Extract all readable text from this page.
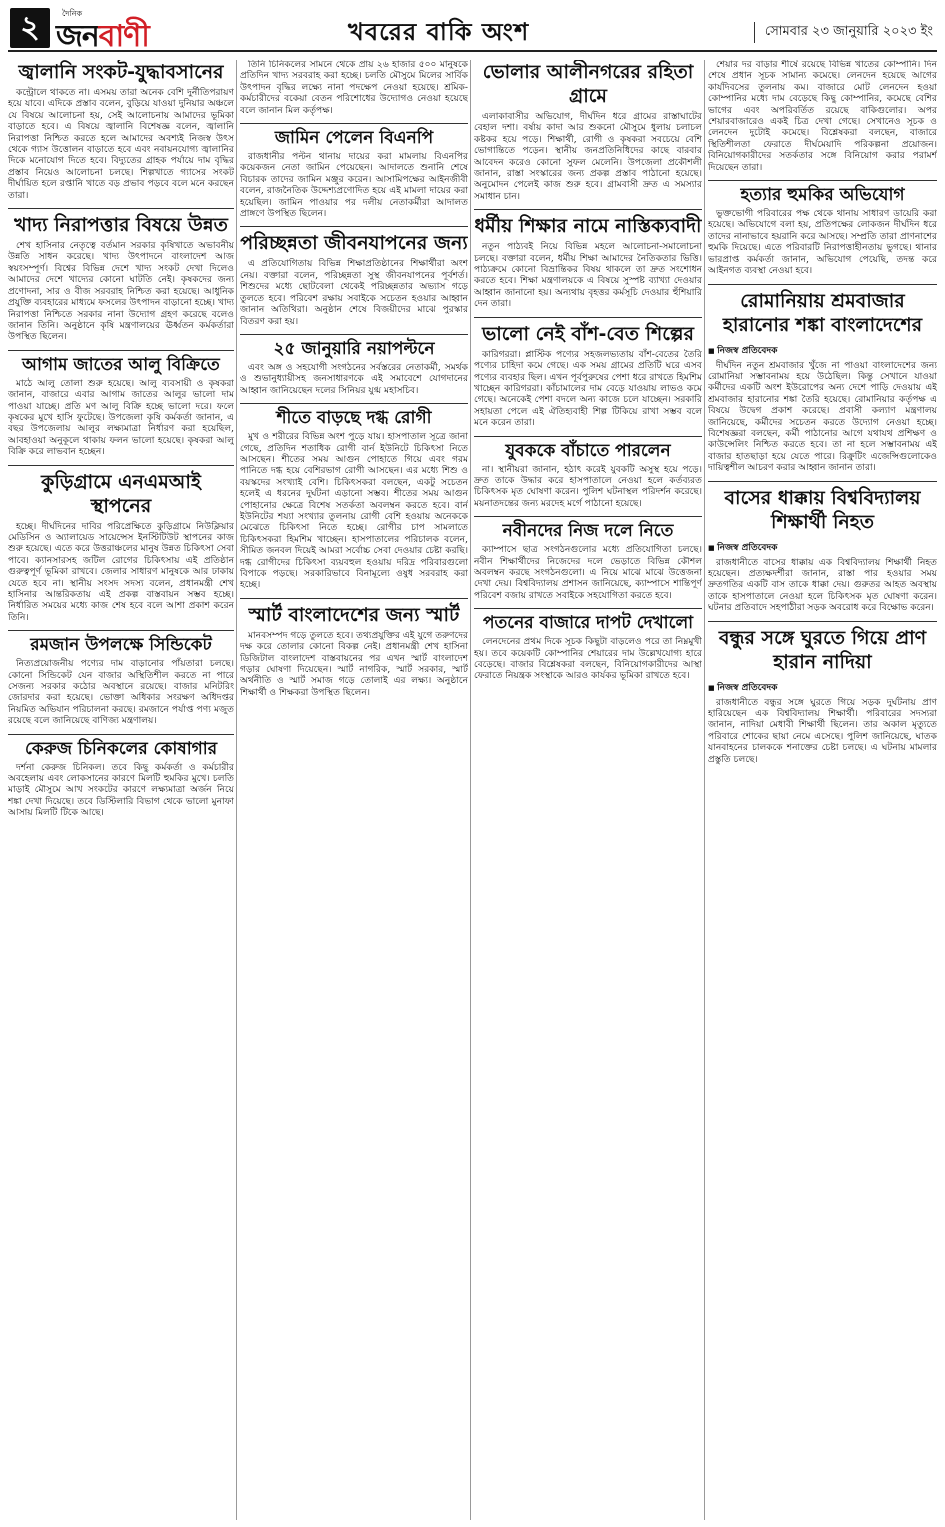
২	দৈনিক
জনবাণী	খবরের বাকি অংশ	সোমবার ২৩ জানুয়ারি ২০২৩ ইং
জ্বালানি সংকট-যুদ্ধাবসানের

কন্ট্রোলে থাকতে না। এসময় তারা অনেক বেশি দুর্নীতিপরায়ণ হয়ে যাবে। এদিকে প্রস্তাব বলেন, বুড়িয়ে যাওয়া দুনিয়ার অঞ্চলে যে বিষয়ে আলোচনা হয়, সেই আলোচনায় আমাদের ভূমিকা বাড়াতে হবে। এ বিষয়ে জ্বালানি বিশেষজ্ঞ বলেন, জ্বালানি নিরাপত্তা নিশ্চিত করতে হলে আমাদের অবশ্যই নিজস্ব উৎস থেকে গ্যাস উত্তোলন বাড়াতে হবে এবং নবায়নযোগ্য জ্বালানির দিকে মনোযোগ দিতে হবে। বিদ্যুতের গ্রাহক পর্যায়ে দাম বৃদ্ধির প্রস্তাব নিয়েও আলোচনা চলছে। শিল্পখাতে গ্যাসের সংকট দীর্ঘায়িত হলে রপ্তানি খাতে বড় প্রভাব পড়বে বলে মনে করছেন তারা।

খাদ্য নিরাপত্তার বিষয়ে উন্নত

শেখ হাসিনার নেতৃত্বে বর্তমান সরকার কৃষিখাতে অভাবনীয় উন্নতি সাধন করেছে। খাদ্য উৎপাদনে বাংলাদেশ আজ স্বয়ংসম্পূর্ণ। বিশ্বের বিভিন্ন দেশে খাদ্য সংকট দেখা দিলেও আমাদের দেশে খাদ্যের কোনো ঘাটতি নেই। কৃষকদের জন্য প্রণোদনা, সার ও বীজ সরবরাহ নিশ্চিত করা হয়েছে। আধুনিক প্রযুক্তি ব্যবহারের মাধ্যমে ফসলের উৎপাদন বাড়ানো হচ্ছে। খাদ্য নিরাপত্তা নিশ্চিতে সরকার নানা উদ্যোগ গ্রহণ করেছে বলেও জানান তিনি। অনুষ্ঠানে কৃষি মন্ত্রণালয়ের ঊর্ধ্বতন কর্মকর্তারা উপস্থিত ছিলেন।

আগাম জাতের আলু বিক্রিতে

মাঠে আলু তোলা শুরু হয়েছে। আলু ব্যবসায়ী ও কৃষকরা জানান, বাজারে এবার আগাম জাতের আলুর ভালো দাম পাওয়া যাচ্ছে। প্রতি মণ আলু বিক্রি হচ্ছে ভালো দরে। ফলে কৃষকের মুখে হাসি ফুটেছে। উপজেলা কৃষি কর্মকর্তা জানান, এ বছর উপজেলায় আলুর লক্ষ্যমাত্রা নির্ধারণ করা হয়েছিল, আবহাওয়া অনুকূলে থাকায় ফলন ভালো হয়েছে। কৃষকরা আলু বিক্রি করে লাভবান হচ্ছেন।

কুড়িগ্রামে এনএমআই স্থাপনের

হচ্ছে। দীর্ঘদিনের দাবির পরিপ্রেক্ষিতে কুড়িগ্রামে নিউক্লিয়ার মেডিসিন ও অ্যালায়েড সায়েন্সেস ইনস্টিটিউট স্থাপনের কাজ শুরু হয়েছে। এতে করে উত্তরাঞ্চলের মানুষ উন্নত চিকিৎসা সেবা পাবে। ক্যানসারসহ জটিল রোগের চিকিৎসায় এই প্রতিষ্ঠান গুরুত্বপূর্ণ ভূমিকা রাখবে। জেলার সাধারণ মানুষকে আর ঢাকায় যেতে হবে না। স্থানীয় সংসদ সদস্য বলেন, প্রধানমন্ত্রী শেখ হাসিনার আন্তরিকতায় এই প্রকল্প বাস্তবায়ন সম্ভব হচ্ছে। নির্ধারিত সময়ের মধ্যে কাজ শেষ হবে বলে আশা প্রকাশ করেন তিনি।

রমজান উপলক্ষে সিন্ডিকেট

নিত্যপ্রয়োজনীয় পণ্যের দাম বাড়ানোর পাঁয়তারা চলছে। কোনো সিন্ডিকেট যেন বাজার অস্থিতিশীল করতে না পারে সেজন্য সরকার কঠোর অবস্থানে রয়েছে। বাজার মনিটরিং জোরদার করা হয়েছে। ভোক্তা অধিকার সংরক্ষণ অধিদপ্তর নিয়মিত অভিযান পরিচালনা করছে। রমজানে পর্যাপ্ত পণ্য মজুত রয়েছে বলে জানিয়েছে বাণিজ্য মন্ত্রণালয়।

কেরুজ চিনিকলের কোষাগার

দর্শনা কেরুজ চিনিকল। তবে কিছু কর্মকর্তা ও কর্মচারীর অবহেলায় এবং লোকসানের কারণে মিলটি হুমকির মুখে। চলতি মাড়াই মৌসুমে আখ সংকটের কারণে লক্ষ্যমাত্রা অর্জন নিয়ে শঙ্কা দেখা দিয়েছে। তবে ডিস্টিলারি বিভাগ থেকে ভালো মুনাফা আসায় মিলটি টিকে আছে।

তিনি চিনিকলের সামনে থেকে প্রায় ২৬ হাজার ৫০০ মানুষকে প্রতিদিন খাদ্য সরবরাহ করা হচ্ছে। চলতি মৌসুমে মিলের সার্বিক উৎপাদন বৃদ্ধির লক্ষ্যে নানা পদক্ষেপ নেওয়া হয়েছে। শ্রমিক-কর্মচারীদের বকেয়া বেতন পরিশোধের উদ্যোগও নেওয়া হয়েছে বলে জানান মিল কর্তৃপক্ষ।

জামিন পেলেন বিএনপি

রাজধানীর পল্টন থানায় দায়ের করা মামলায় বিএনপির কয়েকজন নেতা জামিন পেয়েছেন। আদালতে শুনানি শেষে বিচারক তাদের জামিন মঞ্জুর করেন। আসামিপক্ষের আইনজীবী বলেন, রাজনৈতিক উদ্দেশ্যপ্রণোদিত হয়ে এই মামলা দায়ের করা হয়েছিল। জামিন পাওয়ার পর দলীয় নেতাকর্মীরা আদালত প্রাঙ্গণে উপস্থিত ছিলেন।

পরিচ্ছন্নতা জীবনযাপনের জন্য

এ প্রতিযোগিতায় বিভিন্ন শিক্ষাপ্রতিষ্ঠানের শিক্ষার্থীরা অংশ নেয়। বক্তারা বলেন, পরিচ্ছন্নতা সুস্থ জীবনযাপনের পূর্বশর্ত। শিশুদের মধ্যে ছোটবেলা থেকেই পরিচ্ছন্নতার অভ্যাস গড়ে তুলতে হবে। পরিবেশ রক্ষায় সবাইকে সচেতন হওয়ার আহ্বান জানান অতিথিরা। অনুষ্ঠান শেষে বিজয়ীদের মাঝে পুরস্কার বিতরণ করা হয়।

২৫ জানুয়ারি নয়াপল্টনে

এবং অঙ্গ ও সহযোগী সংগঠনের সর্বস্তরের নেতাকর্মী, সমর্থক ও শুভানুধ্যায়ীসহ জনসাধারণকে এই সমাবেশে যোগদানের আহ্বান জানিয়েছেন দলের সিনিয়র যুগ্ম মহাসচিব।

শীতে বাড়ছে দগ্ধ রোগী

মুখ ও শরীরের বিভিন্ন অংশ পুড়ে যায়। হাসপাতাল সূত্রে জানা গেছে, প্রতিদিন শতাধিক রোগী বার্ন ইউনিটে চিকিৎসা নিতে আসছেন। শীতের সময় আগুন পোহাতে গিয়ে এবং গরম পানিতে দগ্ধ হয়ে বেশিরভাগ রোগী আসছেন। এর মধ্যে শিশু ও বয়স্কদের সংখ্যাই বেশি। চিকিৎসকরা বলছেন, একটু সচেতন হলেই এ ধরনের দুর্ঘটনা এড়ানো সম্ভব। শীতের সময় আগুন পোহানোর ক্ষেত্রে বিশেষ সতর্কতা অবলম্বন করতে হবে। বার্ন ইউনিটের শয্যা সংখ্যার তুলনায় রোগী বেশি হওয়ায় অনেককে মেঝেতে চিকিৎসা নিতে হচ্ছে। রোগীর চাপ সামলাতে চিকিৎসকরা হিমশিম খাচ্ছেন। হাসপাতালের পরিচালক বলেন, সীমিত জনবল দিয়েই আমরা সর্বোচ্চ সেবা দেওয়ার চেষ্টা করছি। দগ্ধ রোগীদের চিকিৎসা ব্যয়বহুল হওয়ায় দরিদ্র পরিবারগুলো বিপাকে পড়ছে। সরকারিভাবে বিনামূল্যে ওষুধ সরবরাহ করা হচ্ছে।

স্মার্ট বাংলাদেশের জন্য স্মার্ট

মানবসম্পদ গড়ে তুলতে হবে। তথ্যপ্রযুক্তির এই যুগে তরুণদের দক্ষ করে তোলার কোনো বিকল্প নেই। প্রধানমন্ত্রী শেখ হাসিনা ডিজিটাল বাংলাদেশ বাস্তবায়নের পর এখন স্মার্ট বাংলাদেশ গড়ার ঘোষণা দিয়েছেন। স্মার্ট নাগরিক, স্মার্ট সরকার, স্মার্ট অর্থনীতি ও স্মার্ট সমাজ গড়ে তোলাই এর লক্ষ্য। অনুষ্ঠানে শিক্ষার্থী ও শিক্ষকরা উপস্থিত ছিলেন।

ভোলার আলীনগরের রহিতা গ্রামে

এলাকাবাসীর অভিযোগ, দীর্ঘদিন ধরে গ্রামের রাস্তাঘাটের বেহাল দশা। বর্ষায় কাদা আর শুকনো মৌসুমে ধুলায় চলাচল কষ্টকর হয়ে পড়ে। শিক্ষার্থী, রোগী ও কৃষকরা সবচেয়ে বেশি ভোগান্তিতে পড়েন। স্থানীয় জনপ্রতিনিধিদের কাছে বারবার আবেদন করেও কোনো সুফল মেলেনি। উপজেলা প্রকৌশলী জানান, রাস্তা সংস্কারের জন্য প্রকল্প প্রস্তাব পাঠানো হয়েছে। অনুমোদন পেলেই কাজ শুরু হবে। গ্রামবাসী দ্রুত এ সমস্যার সমাধান চান।

ধর্মীয় শিক্ষার নামে নাস্তিক্যবাদী

নতুন পাঠ্যবই নিয়ে বিভিন্ন মহলে আলোচনা-সমালোচনা চলছে। বক্তারা বলেন, ধর্মীয় শিক্ষা আমাদের নৈতিকতার ভিত্তি। পাঠ্যক্রমে কোনো বিভ্রান্তিকর বিষয় থাকলে তা দ্রুত সংশোধন করতে হবে। শিক্ষা মন্ত্রণালয়কে এ বিষয়ে সুস্পষ্ট ব্যাখ্যা দেওয়ার আহ্বান জানানো হয়। অন্যথায় বৃহত্তর কর্মসূচি দেওয়ার হুঁশিয়ারি দেন তারা।

ভালো নেই বাঁশ-বেত শিল্পের

কারিগররা। প্লাস্টিক পণ্যের সহজলভ্যতায় বাঁশ-বেতের তৈরি পণ্যের চাহিদা কমে গেছে। এক সময় গ্রামের প্রতিটি ঘরে এসব পণ্যের ব্যবহার ছিল। এখন পূর্বপুরুষের পেশা ধরে রাখতে হিমশিম খাচ্ছেন কারিগররা। কাঁচামালের দাম বেড়ে যাওয়ায় লাভও কমে গেছে। অনেকেই পেশা বদলে অন্য কাজে চলে যাচ্ছেন। সরকারি সহায়তা পেলে এই ঐতিহ্যবাহী শিল্প টিকিয়ে রাখা সম্ভব বলে মনে করেন তারা।

যুবককে বাঁচাতে পারলেন

না। স্থানীয়রা জানান, হঠাৎ করেই যুবকটি অসুস্থ হয়ে পড়ে। দ্রুত তাকে উদ্ধার করে হাসপাতালে নেওয়া হলে কর্তব্যরত চিকিৎসক মৃত ঘোষণা করেন। পুলিশ ঘটনাস্থল পরিদর্শন করেছে। ময়নাতদন্তের জন্য মরদেহ মর্গে পাঠানো হয়েছে।

নবীনদের নিজ দলে নিতে

ক্যাম্পাসে ছাত্র সংগঠনগুলোর মধ্যে প্রতিযোগিতা চলছে। নবীন শিক্ষার্থীদের নিজেদের দলে ভেড়াতে বিভিন্ন কৌশল অবলম্বন করছে সংগঠনগুলো। এ নিয়ে মাঝে মাঝে উত্তেজনা দেখা দেয়। বিশ্ববিদ্যালয় প্রশাসন জানিয়েছে, ক্যাম্পাসে শান্তিপূর্ণ পরিবেশ বজায় রাখতে সবাইকে সহযোগিতা করতে হবে।

পতনের বাজারে দাপট দেখালো

লেনদেনের প্রথম দিকে সূচক কিছুটা বাড়লেও পরে তা নিম্নমুখী হয়। তবে কয়েকটি কোম্পানির শেয়ারের দাম উল্লেখযোগ্য হারে বেড়েছে। বাজার বিশ্লেষকরা বলছেন, বিনিয়োগকারীদের আস্থা ফেরাতে নিয়ন্ত্রক সংস্থাকে আরও কার্যকর ভূমিকা রাখতে হবে।

শেয়ার দর বাড়ার শীর্ষে রয়েছে বিভিন্ন খাতের কোম্পানি। দিন শেষে প্রধান সূচক সামান্য কমেছে। লেনদেন হয়েছে আগের কার্যদিবসের তুলনায় কম। বাজারে মোট লেনদেন হওয়া কোম্পানির মধ্যে দাম বেড়েছে কিছু কোম্পানির, কমেছে বেশির ভাগের এবং অপরিবর্তিত রয়েছে বাকিগুলোর। অপর শেয়ারবাজারেও একই চিত্র দেখা গেছে। সেখানেও সূচক ও লেনদেন দুটোই কমেছে। বিশ্লেষকরা বলছেন, বাজারে স্থিতিশীলতা ফেরাতে দীর্ঘমেয়াদি পরিকল্পনা প্রয়োজন। বিনিয়োগকারীদের সতর্কতার সঙ্গে বিনিয়োগ করার পরামর্শ দিয়েছেন তারা।

হত্যার হুমকির অভিযোগ

ভুক্তভোগী পরিবারের পক্ষ থেকে থানায় সাধারণ ডায়েরি করা হয়েছে। অভিযোগে বলা হয়, প্রতিপক্ষের লোকজন দীর্ঘদিন ধরে তাদের নানাভাবে হয়রানি করে আসছে। সম্প্রতি তারা প্রাণনাশের হুমকি দিয়েছে। এতে পরিবারটি নিরাপত্তাহীনতায় ভুগছে। থানার ভারপ্রাপ্ত কর্মকর্তা জানান, অভিযোগ পেয়েছি, তদন্ত করে আইনগত ব্যবস্থা নেওয়া হবে।

রোমানিয়ায় শ্রমবাজার হারানোর শঙ্কা বাংলাদেশের
■ নিজস্ব প্রতিবেদক

দীর্ঘদিন নতুন শ্রমবাজার খুঁজে না পাওয়া বাংলাদেশের জন্য রোমানিয়া সম্ভাবনাময় হয়ে উঠেছিল। কিন্তু সেখানে যাওয়া কর্মীদের একটি অংশ ইউরোপের অন্য দেশে পাড়ি দেওয়ায় এই শ্রমবাজার হারানোর শঙ্কা তৈরি হয়েছে। রোমানিয়ার কর্তৃপক্ষ এ বিষয়ে উদ্বেগ প্রকাশ করেছে। প্রবাসী কল্যাণ মন্ত্রণালয় জানিয়েছে, কর্মীদের সচেতন করতে উদ্যোগ নেওয়া হচ্ছে। বিশেষজ্ঞরা বলছেন, কর্মী পাঠানোর আগে যথাযথ প্রশিক্ষণ ও কাউন্সেলিং নিশ্চিত করতে হবে। তা না হলে সম্ভাবনাময় এই বাজার হাতছাড়া হয়ে যেতে পারে। রিক্রুটিং এজেন্সিগুলোকেও দায়িত্বশীল আচরণ করার আহ্বান জানান তারা।

বাসের ধাক্কায় বিশ্ববিদ্যালয় শিক্ষার্থী নিহত
■ নিজস্ব প্রতিবেদক

রাজধানীতে বাসের ধাক্কায় এক বিশ্ববিদ্যালয় শিক্ষার্থী নিহত হয়েছেন। প্রত্যক্ষদর্শীরা জানান, রাস্তা পার হওয়ার সময় দ্রুতগতির একটি বাস তাকে ধাক্কা দেয়। গুরুতর আহত অবস্থায় তাকে হাসপাতালে নেওয়া হলে চিকিৎসক মৃত ঘোষণা করেন। ঘটনার প্রতিবাদে সহপাঠীরা সড়ক অবরোধ করে বিক্ষোভ করেন।

বন্ধুর সঙ্গে ঘুরতে গিয়ে প্রাণ হারান নাদিয়া
■ নিজস্ব প্রতিবেদক

রাজধানীতে বন্ধুর সঙ্গে ঘুরতে গিয়ে সড়ক দুর্ঘটনায় প্রাণ হারিয়েছেন এক বিশ্ববিদ্যালয় শিক্ষার্থী। পরিবারের সদস্যরা জানান, নাদিয়া মেধাবী শিক্ষার্থী ছিলেন। তার অকাল মৃত্যুতে পরিবারে শোকের ছায়া নেমে এসেছে। পুলিশ জানিয়েছে, ঘাতক যানবাহনের চালককে শনাক্তের চেষ্টা চলছে। এ ঘটনায় মামলার প্রস্তুতি চলছে।
